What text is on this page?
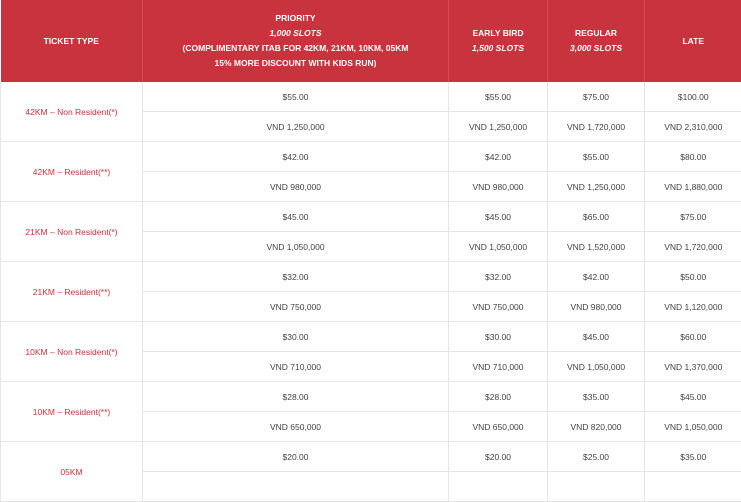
TICKET TYPE	PRIORITY
1,000 SLOTS
(COMPLIMENTARY ITAB FOR 42KM, 21KM, 10KM, 05KM
15% MORE DISCOUNT WITH KIDS RUN)	EARLY BIRD
1,500 SLOTS	REGULAR
3,000 SLOTS	LATE

42KM – Non Resident(*)	$55.00	$55.00	$75.00	$100.00
	VND 1,250,000	VND 1,250,000	VND 1,720,000	VND 2,310,000
42KM – Resident(**)	$42.00	$42.00	$55.00	$80.00
	VND 980,000	VND 980,000	VND 1,250,000	VND 1,880,000
21KM – Non Resident(*)	$45.00	$45.00	$65.00	$75.00
	VND 1,050,000	VND 1,050,000	VND 1,520,000	VND 1,720,000
21KM – Resident(**)	$32.00	$32.00	$42.00	$50.00
	VND 750,000	VND 750,000	VND 980,000	VND 1,120,000
10KM – Non Resident(*)	$30.00	$30.00	$45.00	$60.00
	VND 710,000	VND 710,000	VND 1,050,000	VND 1,370,000
10KM – Resident(**)	$28.00	$28.00	$35.00	$45.00
	VND 650,000	VND 650,000	VND 820,000	VND 1,050,000
05KM	$20.00	$20.00	$25.00	$35.00
